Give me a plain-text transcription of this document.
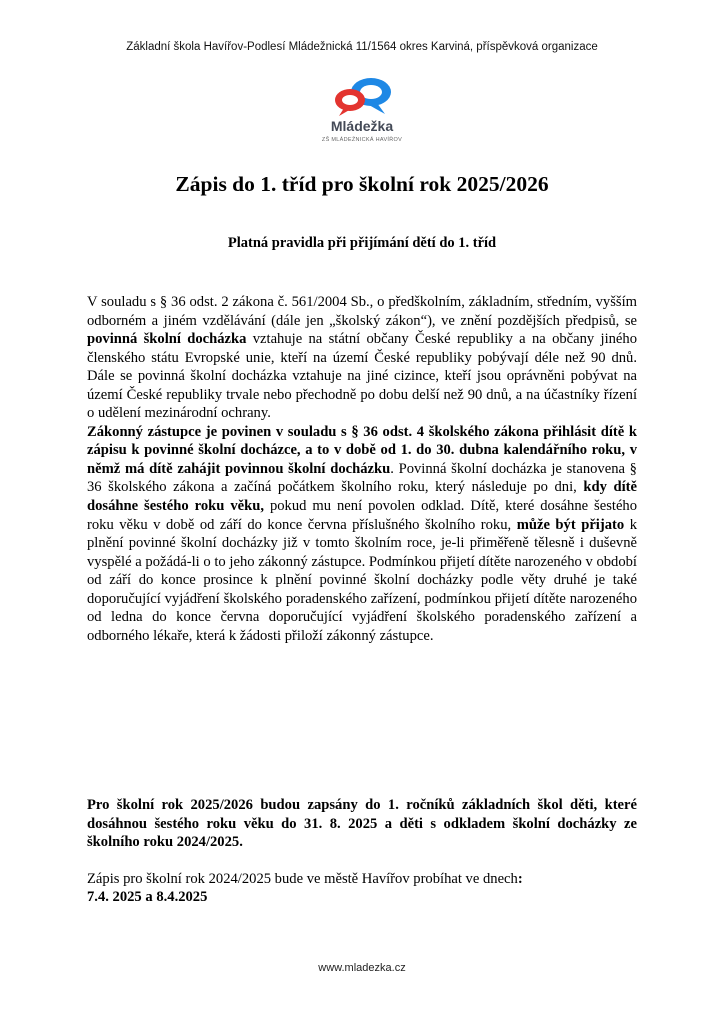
Základní škola Havířov-Podlesí Mládežnická 11/1564 okres Karviná, příspěvková organizace
Mládežka
ZŠ MLÁDEŽNICKÁ HAVÍŘOV
Zápis do 1. tříd pro školní rok 2025/2026
Platná pravidla při přijímání dětí do 1. tříd

V souladu s § 36 odst. 2 zákona č. 561/2004 Sb., o předškolním, základním, středním, vyšším odborném a jiném vzdělávání (dále jen „školský zákon“), ve znění pozdějších předpisů, se povinná školní docházka vztahuje na státní občany České republiky a na občany jiného členského státu Evropské unie, kteří na území České republiky pobývají déle než 90 dnů. Dále se povinná školní docházka vztahuje na jiné cizince, kteří jsou oprávněni pobývat na území České republiky trvale nebo přechodně po dobu delší než 90 dnů, a na účastníky řízení o udělení mezinárodní ochrany.

Zákonný zástupce je povinen v souladu s § 36 odst. 4 školského zákona přihlásit dítě k zápisu k povinné školní docházce, a to v době od 1. do 30. dubna kalendářního roku, v němž má dítě zahájit povinnou školní docházku. Povinná školní docházka je stanovena § 36 školského zákona a začíná počátkem školního roku, který následuje po dni, kdy dítě dosáhne šestého roku věku, pokud mu není povolen odklad. Dítě, které dosáhne šestého roku věku v době od září do konce června příslušného školního roku, může být přijato k plnění povinné školní docházky již v tomto školním roce, je-li přiměřeně tělesně i duševně vyspělé a požádá-li o to jeho zákonný zástupce. Podmínkou přijetí dítěte narozeného v období od září do konce prosince k plnění povinné školní docházky podle věty druhé je také doporučující vyjádření školského poradenského zařízení, podmínkou přijetí dítěte narozeného od ledna do konce června doporučující vyjádření školského poradenského zařízení a odborného lékaře, která k žádosti přiloží zákonný zástupce.

Pro školní rok 2025/2026 budou zapsány do 1. ročníků základních škol děti, které dosáhnou šestého roku věku do 31. 8. 2025 a děti s odkladem školní docházky ze školního roku 2024/2025.

Zápis pro školní rok 2024/2025 bude ve městě Havířov probíhat ve dnech:
7.4. 2025 a 8.4.2025

www.mladezka.cz
